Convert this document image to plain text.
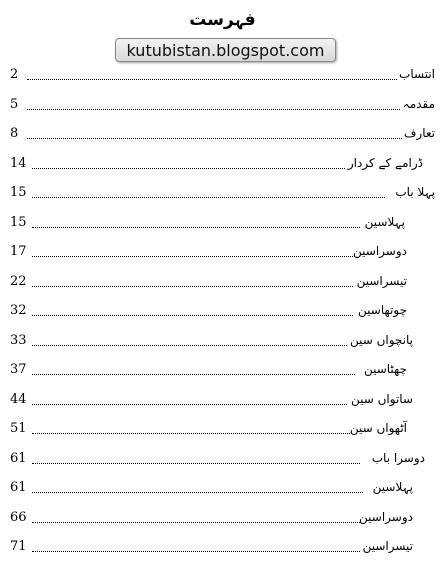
فہرست
kutubistan.blogspot.com
2	انتساب
5	مقدمہ
8	تعارف
14	ڈرامے کے کردار
15	پہلا باب
15	پہلاسین
17	دوسراسین
22	تیسراسین
32	چوتھاسین
33	پانچواں سین
37	چھٹاسین
44	ساتواں سین
51	آٹھواں سین
61	دوسرا باب
61	پہلاسین
66	دوسراسین
71	تیسراسین
